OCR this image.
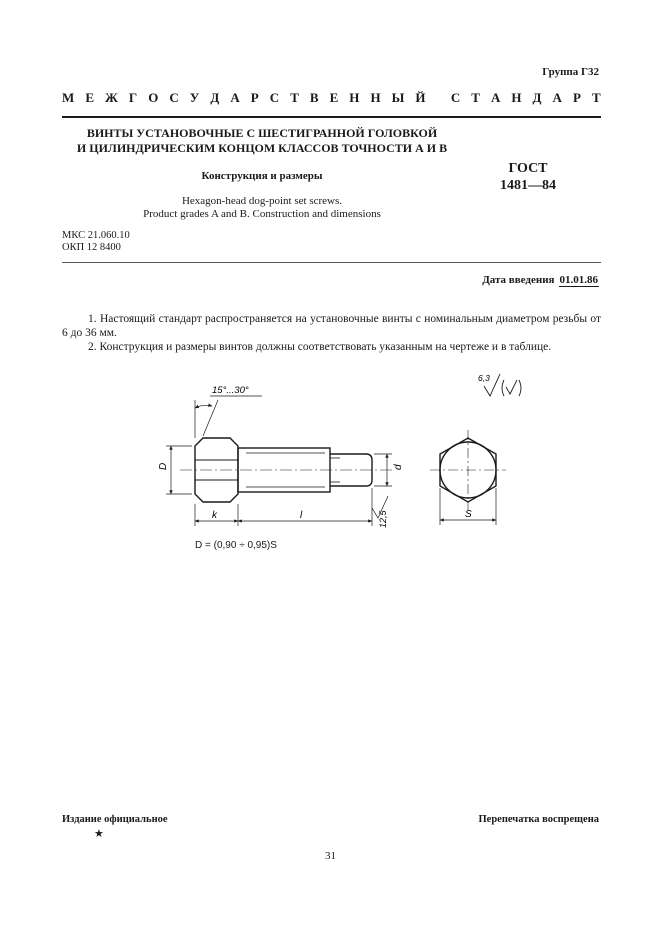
Группа Г32
М Е Ж Г О С У Д А Р С Т В Е Н Н Ы Й
С Т А Н Д А Р Т
ВИНТЫ УСТАНОВОЧНЫЕ С ШЕСТИГРАННОЙ ГОЛОВКОЙ
И ЦИЛИНДРИЧЕСКИМ КОНЦОМ КЛАССОВ ТОЧНОСТИ А И В
Конструкция и размеры	ГОСТ
1481—84
Hexagon-head dog-point set screws.
Product grades A and B. Construction and dimensions
МКС 21.060.10
ОКП 12 8400
Дата введения 01.01.86
1. Настоящий стандарт распространяется на установочные винты с номинальным диаметром резьбы от 6 до 36 мм.
2. Конструкция и размеры винтов должны соответствовать указанным на чертеже и в таблице.
D	d
k	l
15°...30°
12,5	S
6,3
D = (0,90 ÷ 0,95)S
Издание официальное
★
Перепечатка воспрещена
31
